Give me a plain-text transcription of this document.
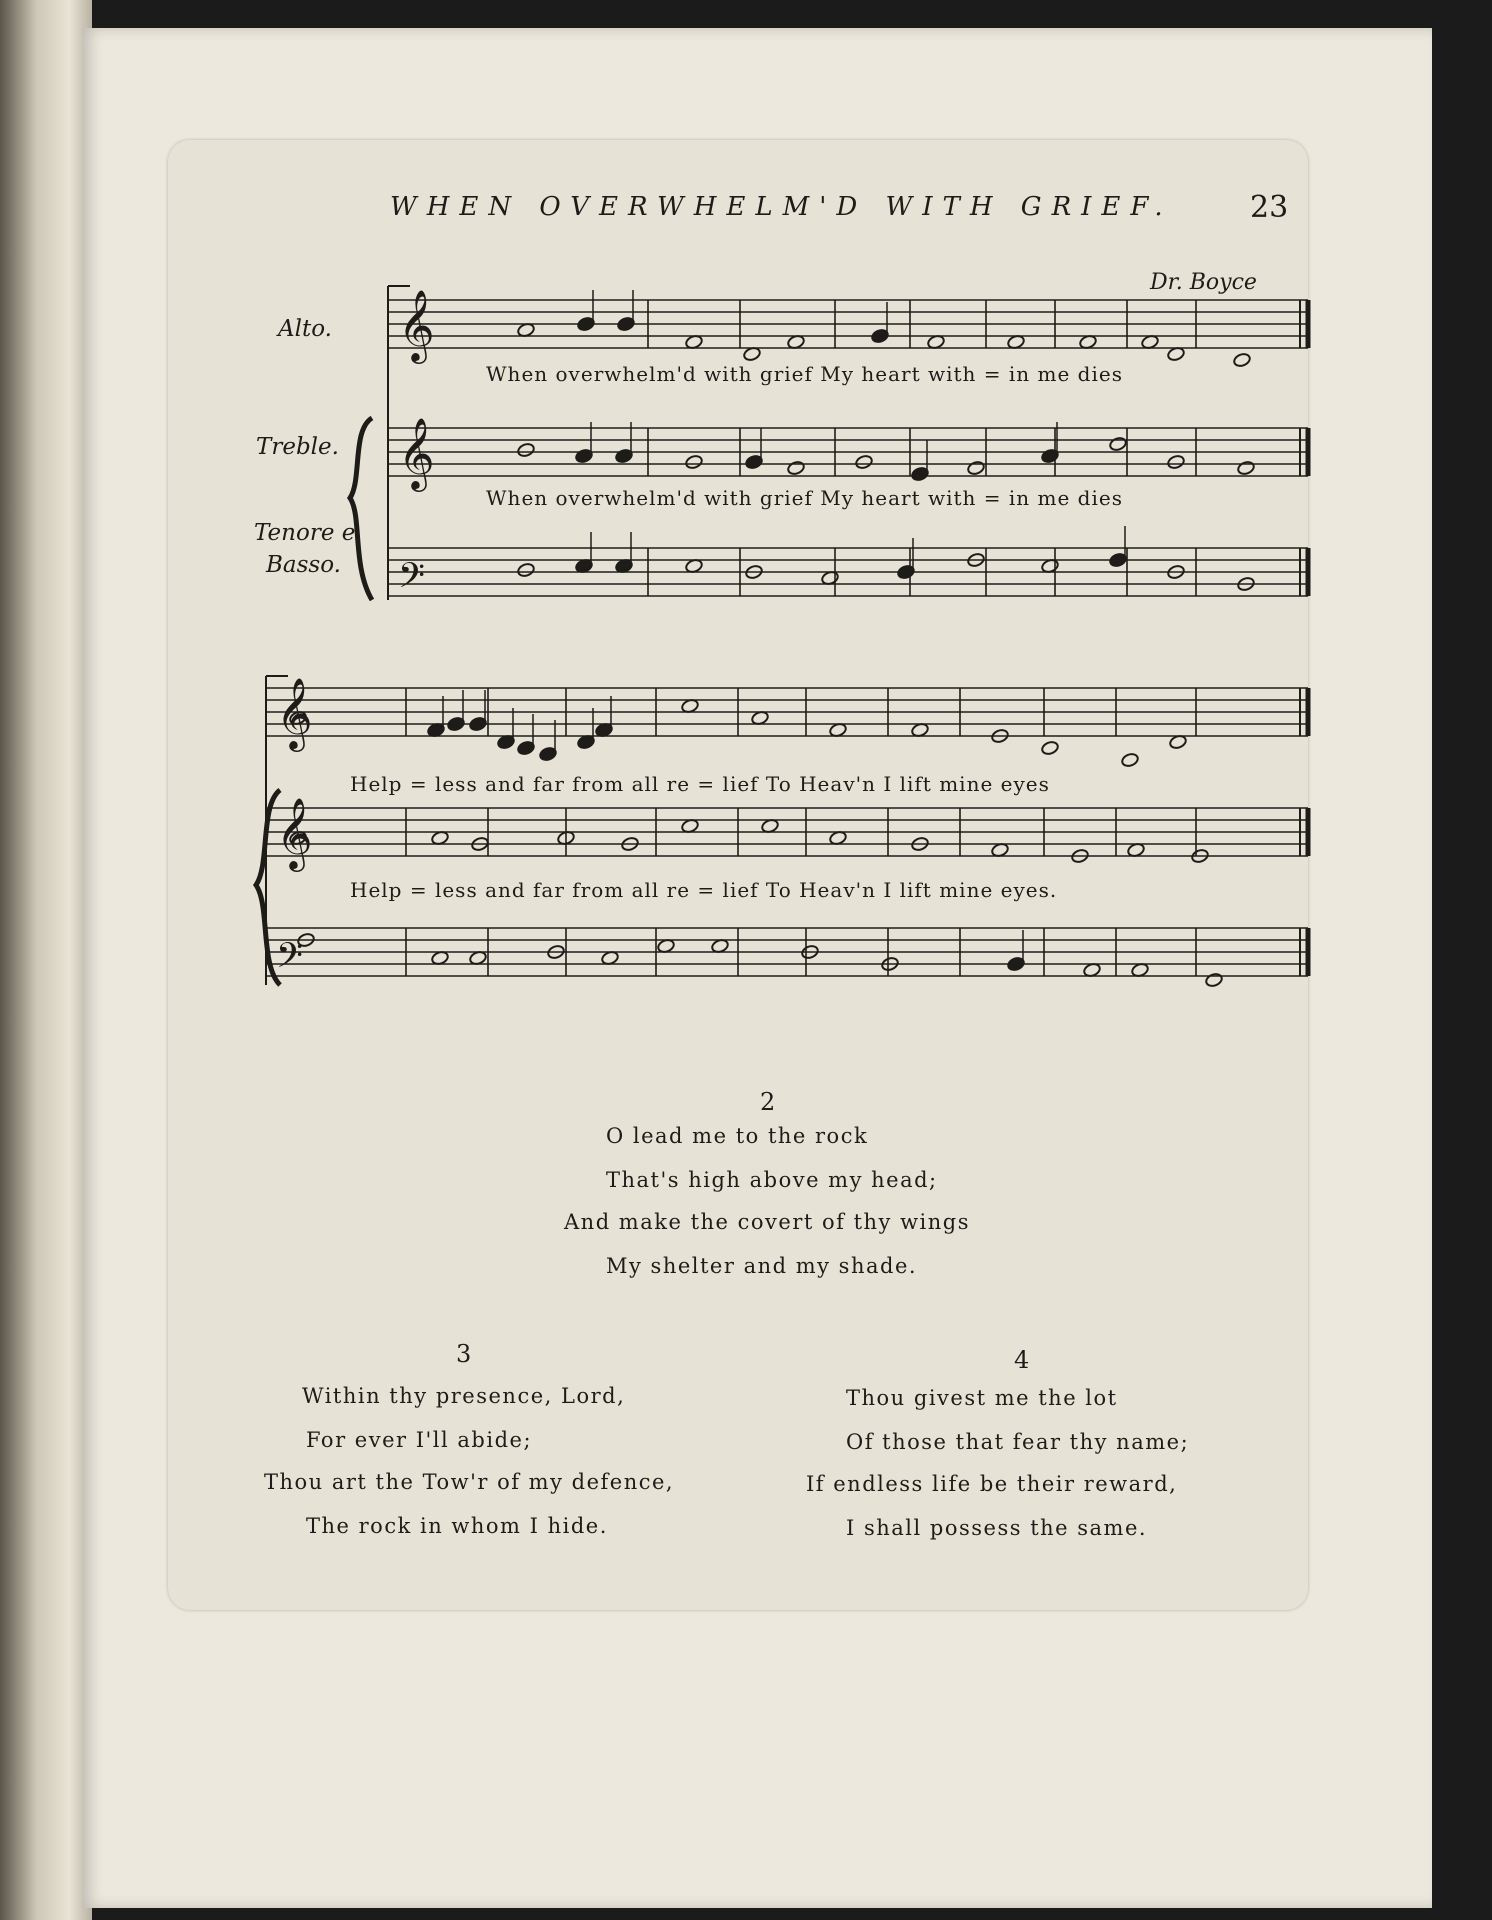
WHEN OVERWHELM'D WITH GRIEF.	23
Dr. Boyce
Alto.
Treble.
Tenore e
Basso.
𝄞
𝄞
𝄢
𝄞
𝄞
𝄢
When overwhelm'd with grief My heart with = in me dies
When overwhelm'd with grief My heart with = in me dies
Help = less and far from all re = lief To Heav'n I lift mine eyes
Help = less and far from all re = lief To Heav'n I lift mine eyes.
2
O lead me to the rock
That's high above my head;
And make the covert of thy wings
My shelter and my shade.
3
Within thy presence, Lord,
For ever I'll abide;
Thou art the Tow'r of my defence,
The rock in whom I hide.
4
Thou givest me the lot
Of those that fear thy name;
If endless life be their reward,
I shall possess the same.
